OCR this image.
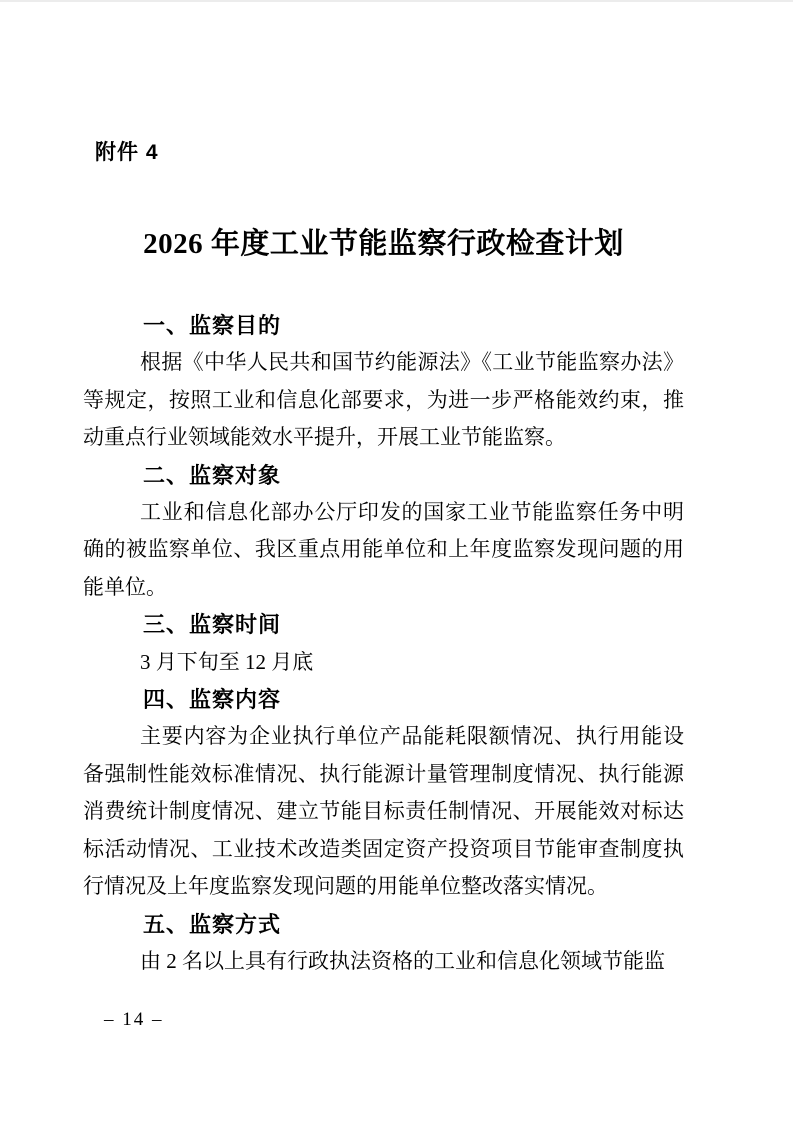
附件 4
2026 年度工业节能监察行政检查计划
一、监察目的

根据《中华人民共和国节约能源法》《工业节能监察办法》等规定，按照工业和信息化部要求，为进一步严格能效约束，推动重点行业领域能效水平提升，开展工业节能监察。

二、监察对象

工业和信息化部办公厅印发的国家工业节能监察任务中明确的被监察单位、我区重点用能单位和上年度监察发现问题的用能单位。

三、监察时间

3 月下旬至 12 月底

四、监察内容

主要内容为企业执行单位产品能耗限额情况、执行用能设备强制性能效标准情况、执行能源计量管理制度情况、执行能源消费统计制度情况、建立节能目标责任制情况、开展能效对标达标活动情况、工业技术改造类固定资产投资项目节能审查制度执行情况及上年度监察发现问题的用能单位整改落实情况。

五、监察方式

由 2 名以上具有行政执法资格的工业和信息化领域节能监

– 14 –
